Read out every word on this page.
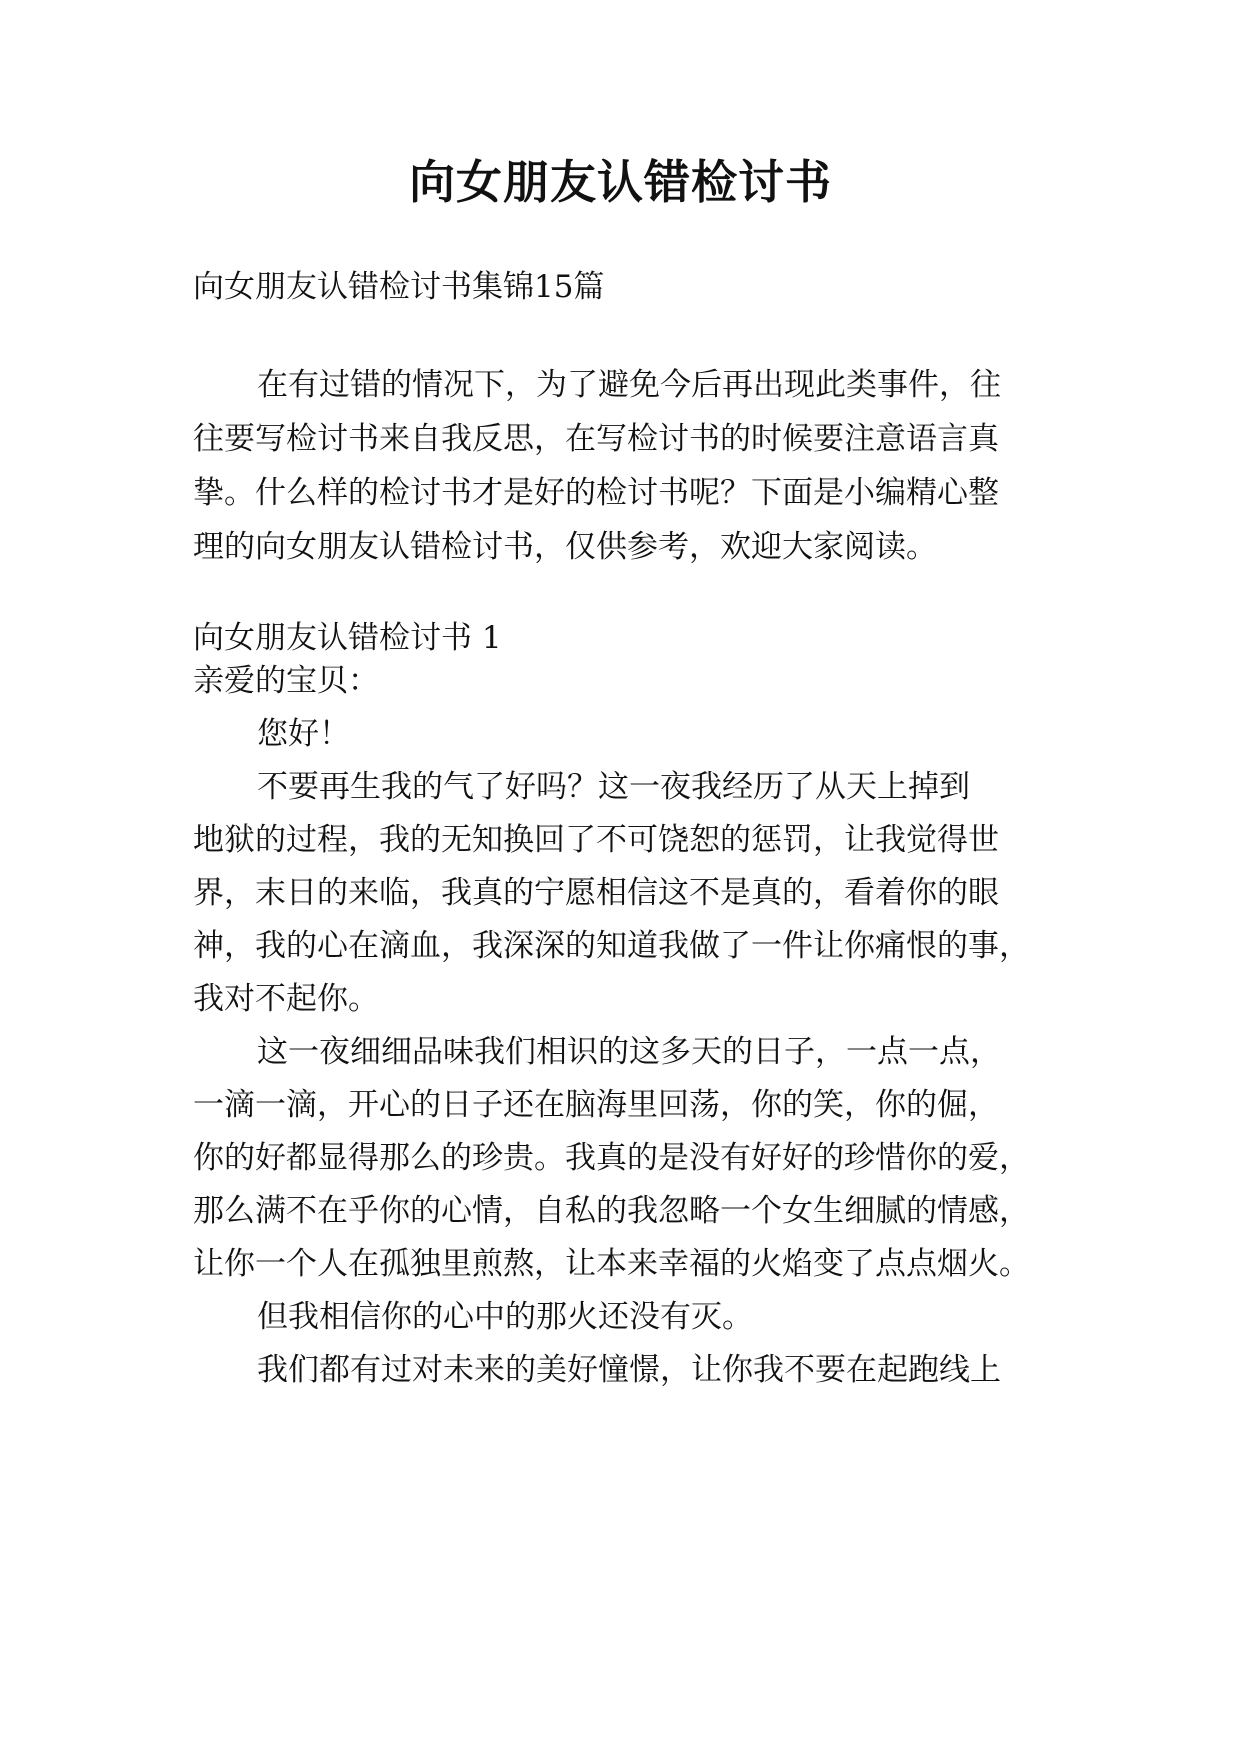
向女朋友认错检讨书
向女朋友认错检讨书集锦15篇
在有过错的情况下，为了避免今后再出现此类事件，往
往要写检讨书来自我反思，在写检讨书的时候要注意语言真
挚。什么样的检讨书才是好的检讨书呢？下面是小编精心整
理的向女朋友认错检讨书，仅供参考，欢迎大家阅读。
向女朋友认错检讨书 1
亲爱的宝贝：
您好！
不要再生我的气了好吗？这一夜我经历了从天上掉到
地狱的过程，我的无知换回了不可饶恕的惩罚，让我觉得世
界，末日的来临，我真的宁愿相信这不是真的，看着你的眼
神，我的心在滴血，我深深的知道我做了一件让你痛恨的事，
我对不起你。
这一夜细细品味我们相识的这多天的日子，一点一点，
一滴一滴，开心的日子还在脑海里回荡，你的笑，你的倔，
你的好都显得那么的珍贵。我真的是没有好好的珍惜你的爱，
那么满不在乎你的心情，自私的我忽略一个女生细腻的情感，
让你一个人在孤独里煎熬，让本来幸福的火焰变了点点烟火。
但我相信你的心中的那火还没有灭。
我们都有过对未来的美好憧憬，让你我不要在起跑线上
